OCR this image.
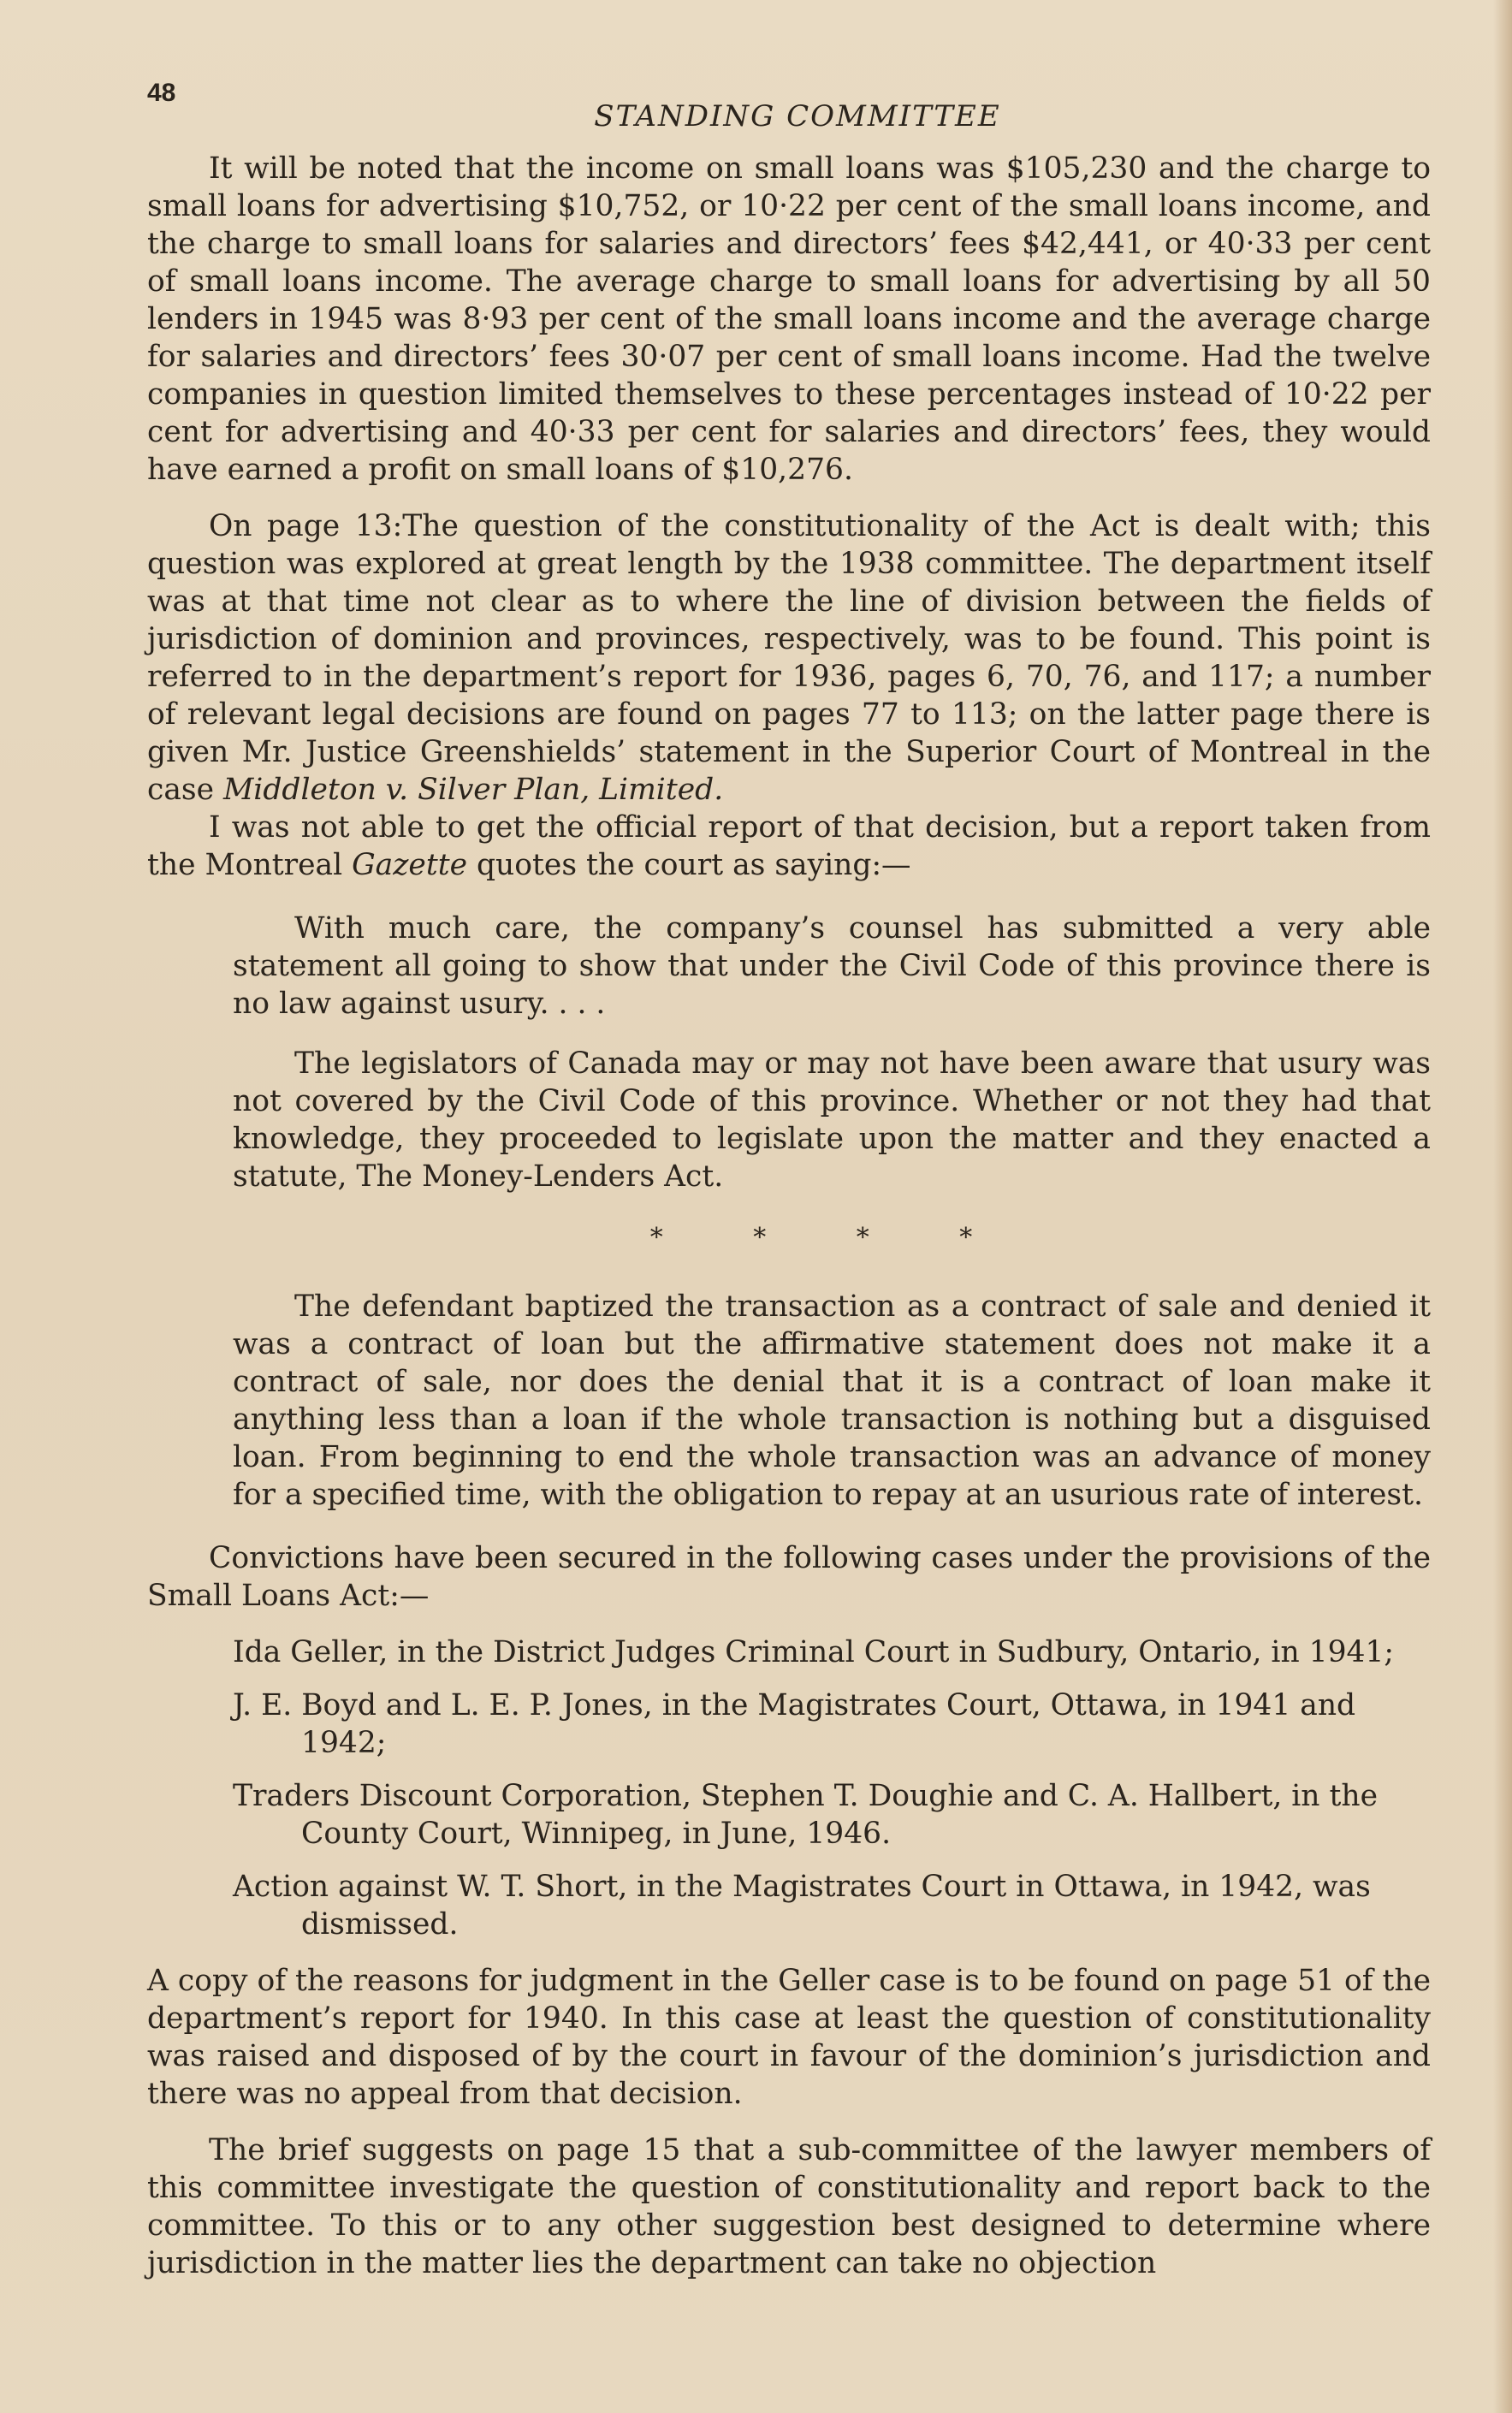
48
STANDING COMMITTEE

It will be noted that the income on small loans was $105,230 and the charge to small loans for advertising $10,752, or 10·22 per cent of the small loans income, and the charge to small loans for salaries and directors’ fees $42,441, or 40·33 per cent of small loans income. The average charge to small loans for advertising by all 50 lenders in 1945 was 8·93 per cent of the small loans income and the average charge for salaries and directors’ fees 30·07 per cent of small loans income. Had the twelve companies in question limited themselves to these percentages instead of 10·22 per cent for advertising and 40·33 per cent for salaries and directors’ fees, they would have earned a profit on small loans of $10,276.

On page 13:The question of the constitutionality of the Act is dealt with; this question was explored at great length by the 1938 committee. The department itself was at that time not clear as to where the line of division between the fields of jurisdiction of dominion and provinces, respectively, was to be found. This point is referred to in the department’s report for 1936, pages 6, 70, 76, and 117; a number of relevant legal decisions are found on pages 77 to 113; on the latter page there is given Mr. Justice Greenshields’ statement in the Superior Court of Montreal in the case Middleton v. Silver Plan, Limited.

I was not able to get the official report of that decision, but a report taken from the Montreal Gazette quotes the court as saying:—

With much care, the company’s counsel has submitted a very able statement all going to show that under the Civil Code of this province there is no law against usury. . . .

The legislators of Canada may or may not have been aware that usury was not covered by the Civil Code of this province. Whether or not they had that knowledge, they proceeded to legislate upon the matter and they enacted a statute, The Money-Lenders Act.

* * * *

The defendant baptized the transaction as a contract of sale and denied it was a contract of loan but the affirmative statement does not make it a contract of sale, nor does the denial that it is a contract of loan make it anything less than a loan if the whole transaction is nothing but a disguised loan. From beginning to end the whole transaction was an advance of money for a specified time, with the obligation to repay at an usurious rate of interest.

Convictions have been secured in the following cases under the provisions of the Small Loans Act:—

Ida Geller, in the District Judges Criminal Court in Sudbury, Ontario, in 1941;
J. E. Boyd and L. E. P. Jones, in the Magistrates Court, Ottawa, in 1941 and 1942;
Traders Discount Corporation, Stephen T. Doughie and C. A. Hallbert, in the County Court, Winnipeg, in June, 1946.
Action against W. T. Short, in the Magistrates Court in Ottawa, in 1942, was dismissed.

A copy of the reasons for judgment in the Geller case is to be found on page 51 of the department’s report for 1940. In this case at least the question of constitutionality was raised and disposed of by the court in favour of the dominion’s jurisdiction and there was no appeal from that decision.

The brief suggests on page 15 that a sub-committee of the lawyer members of this committee investigate the question of constitutionality and report back to the committee. To this or to any other suggestion best designed to determine where jurisdiction in the matter lies the department can take no objection
